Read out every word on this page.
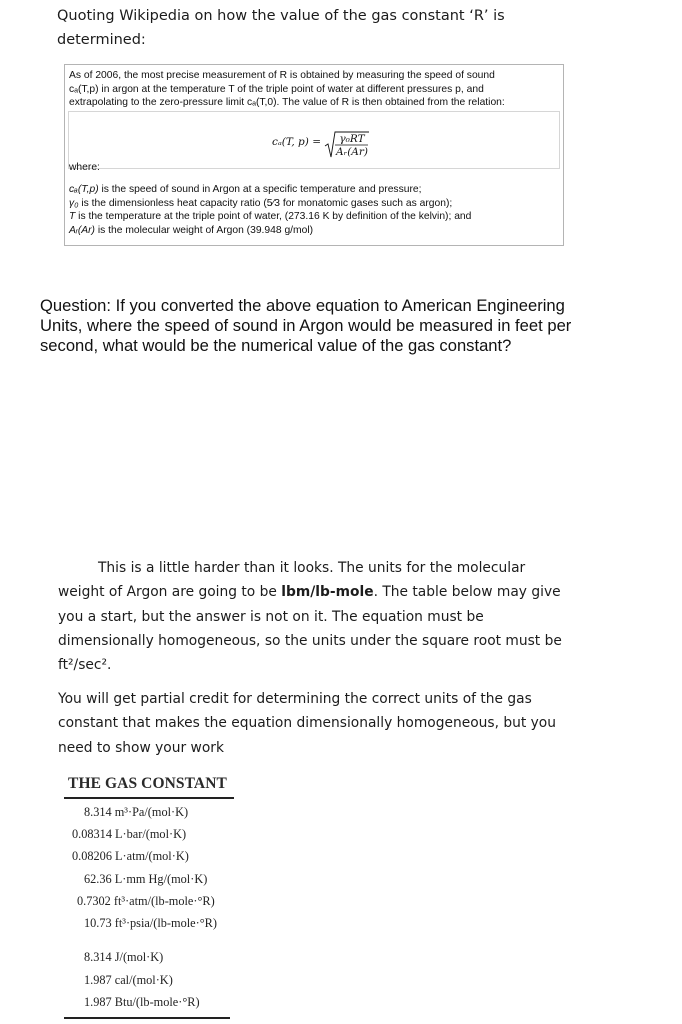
Quoting Wikipedia on how the value of the gas constant ‘R’ is
determined:
As of 2006, the most precise measurement of R is obtained by measuring the speed of sound
cₐ(T,p) in argon at the temperature T of the triple point of water at different pressures p, and
extrapolating to the zero-pressure limit cₐ(T,0). The value of R is then obtained from the relation:
cₐ(T, p) = γ₀RT
Aᵣ(Ar)
where:
cₐ(T,p) is the speed of sound in Argon at a specific temperature and pressure;
γ₀ is the dimensionless heat capacity ratio (5⁄3 for monatomic gases such as argon);
T is the temperature at the triple point of water, (273.16 K by definition of the kelvin); and
Aᵣ(Ar) is the molecular weight of Argon (39.948 g/mol)
Question: If you converted the above equation to American Engineering
Units, where the speed of sound in Argon would be measured in feet per
second, what would be the numerical value of the gas constant?
This is a little harder than it looks. The units for the molecular
weight of Argon are going to be lbm/lb-mole. The table below may give
you a start, but the answer is not on it. The equation must be
dimensionally homogeneous, so the units under the square root must be
ft²/sec².
You will get partial credit for determining the correct units of the gas
constant that makes the equation dimensionally homogeneous, but you
need to show your work
THE GAS CONSTANT
8.314 m³·Pa/(mol·K)
0.08314 L·bar/(mol·K)
0.08206 L·atm/(mol·K)
62.36 L·mm Hg/(mol·K)
0.7302 ft³·atm/(lb-mole·°R)
10.73 ft³·psia/(lb-mole·°R)
8.314 J/(mol·K)
1.987 cal/(mol·K)
1.987 Btu/(lb-mole·°R)
